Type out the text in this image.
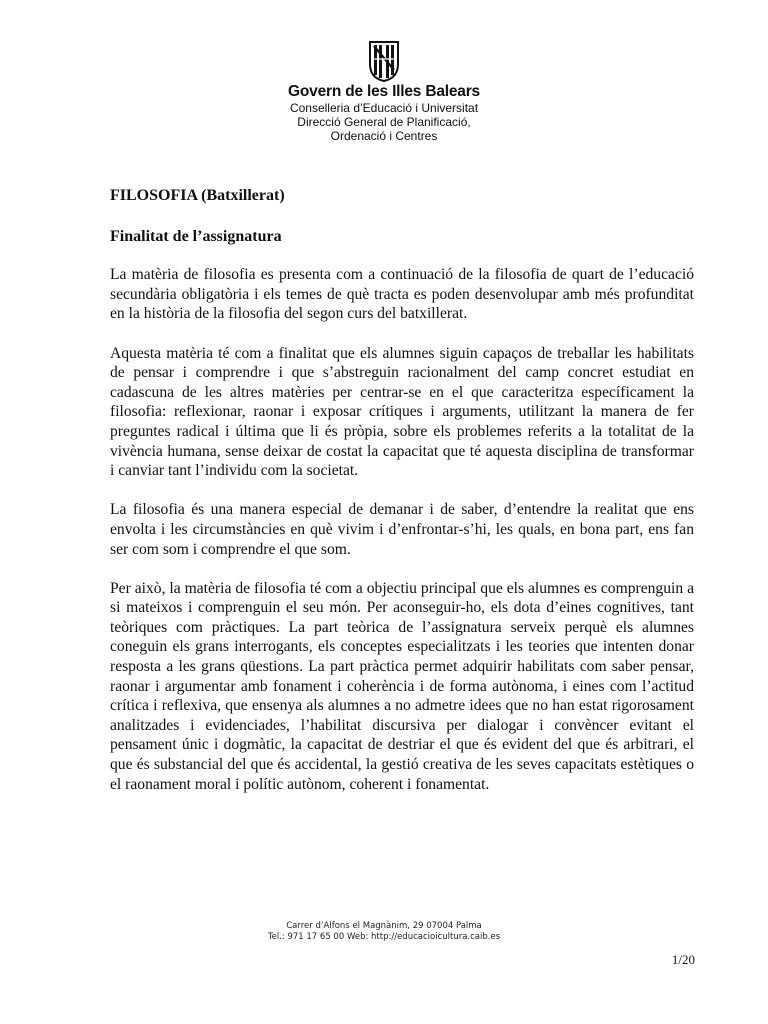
Govern de les Illes Balears
Conselleria d’Educació i Universitat
Direcció General de Planificació,
Ordenació i Centres

FILOSOFIA (Batxillerat)

Finalitat de l’assignatura

La matèria de filosofia es presenta com a continuació de la filosofia de quart de l’educació secundària obligatòria i els temes de què tracta es poden desenvolupar amb més profunditat en la història de la filosofia del segon curs del batxillerat.

Aquesta matèria té com a finalitat que els alumnes siguin capaços de treballar les habilitats de pensar i comprendre i que s’abstreguin racionalment del camp concret estudiat en cadascuna de les altres matèries per centrar-se en el que caracteritza específicament la filosofia: reflexionar, raonar i exposar crítiques i arguments, utilitzant la manera de fer preguntes radical i última que li és pròpia, sobre els problemes referits a la totalitat de la vivència humana, sense deixar de costat la capacitat que té aquesta disciplina de transformar i canviar tant l’individu com la societat.

La filosofia és una manera especial de demanar i de saber, d’entendre la realitat que ens envolta i les circumstàncies en què vivim i d’enfrontar-s’hi, les quals, en bona part, ens fan ser com som i comprendre el que som.

Per això, la matèria de filosofia té com a objectiu principal que els alumnes es comprenguin a si mateixos i comprenguin el seu món. Per aconseguir-ho, els dota d’eines cognitives, tant teòriques com pràctiques. La part teòrica de l’assignatura serveix perquè els alumnes coneguin els grans interrogants, els conceptes especialitzats i les teories que intenten donar resposta a les grans qüestions. La part pràctica permet adquirir habilitats com saber pensar, raonar i argumentar amb fonament i coherència i de forma autònoma, i eines com l’actitud crítica i reflexiva, que ensenya als alumnes a no admetre idees que no han estat rigorosament analitzades i evidenciades, l’habilitat discursiva per dialogar i convèncer evitant el pensament únic i dogmàtic, la capacitat de destriar el que és evident del que és arbitrari, el que és substancial del que és accidental, la gestió creativa de les seves capacitats estètiques o el raonament moral i polític autònom, coherent i fonamentat.

Carrer d’Alfons el Magnànim, 29 07004 Palma
Tel.: 971 17 65 00 Web: http://educacioicultura.caib.es
1/20
